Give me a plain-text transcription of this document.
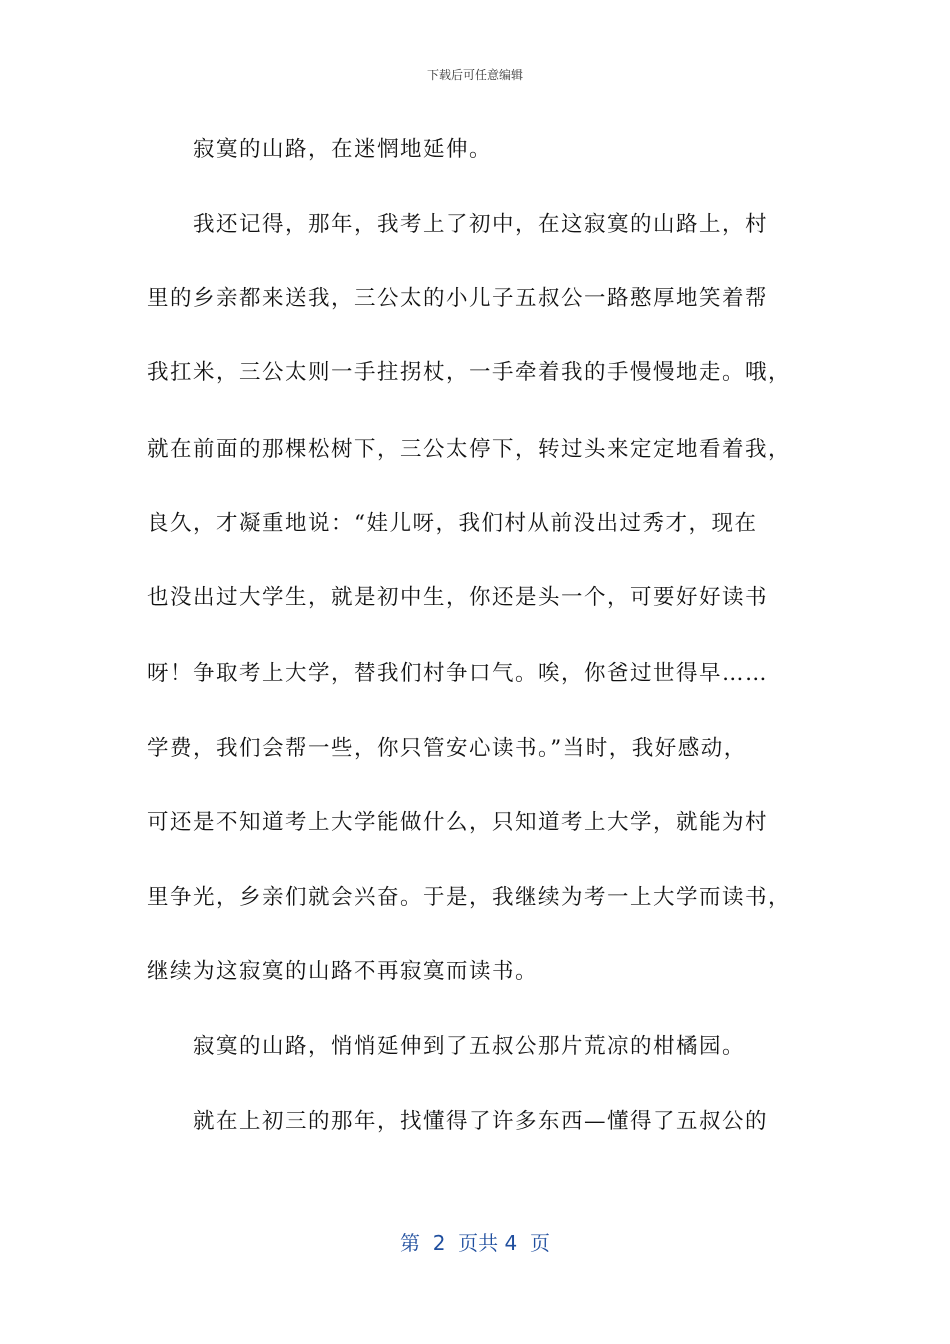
下载后可任意编辑
　　寂寞的山路，在迷惘地延伸。
　　我还记得，那年，我考上了初中，在这寂寞的山路上，村
里的乡亲都来送我，三公太的小儿子五叔公一路憨厚地笑着帮
我扛米，三公太则一手拄拐杖，一手牵着我的手慢慢地走。哦，
就在前面的那棵松树下，三公太停下，转过头来定定地看着我，
良久，才凝重地说：“娃儿呀，我们村从前没出过秀才，现在
也没出过大学生，就是初中生，你还是头一个，可要好好读书
呀！争取考上大学，替我们村争口气。唉，你爸过世得早……
学费，我们会帮一些，你只管安心读书。”当时，我好感动，
可还是不知道考上大学能做什么，只知道考上大学，就能为村
里争光，乡亲们就会兴奋。于是，我继续为考一上大学而读书，
继续为这寂寞的山路不再寂寞而读书。
　　寂寞的山路，悄悄延伸到了五叔公那片荒凉的柑橘园。
　　就在上初三的那年，找懂得了许多东西—懂得了五叔公的
第  2  页共 4  页
